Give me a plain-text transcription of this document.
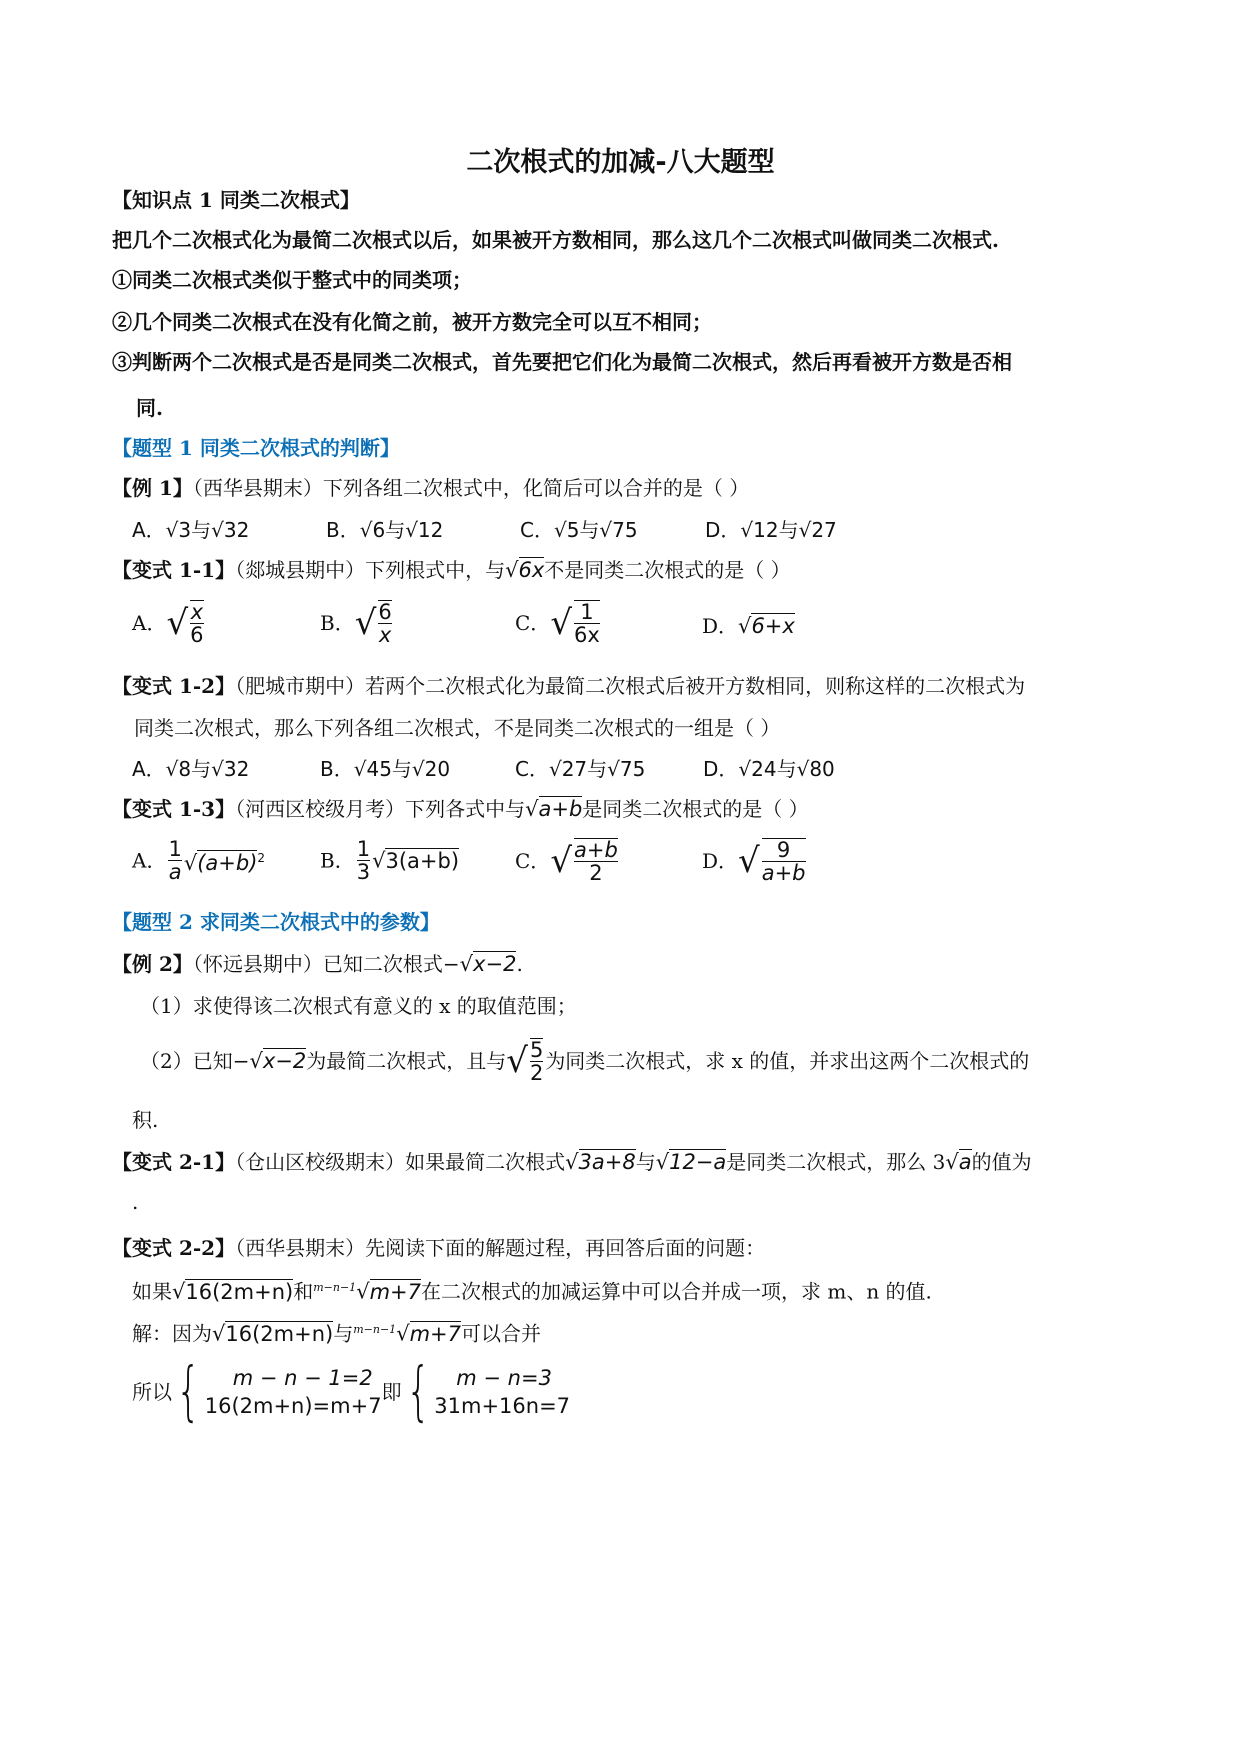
二次根式的加减-八大题型
【知识点 1 同类二次根式】
把几个二次根式化为最简二次根式以后，如果被开方数相同，那么这几个二次根式叫做同类二次根式.
①同类二次根式类似于整式中的同类项；
②几个同类二次根式在没有化简之前，被开方数完全可以互不相同；
③判断两个二次根式是否是同类二次根式，首先要把它们化为最简二次根式，然后再看被开方数是否相
同.
【题型 1 同类二次根式的判断】
【例 1】（西华县期末）下列各组二次根式中，化简后可以合并的是（ ）
A．√3与√32	B．√6与√12	C．√5与√75	D．√12与√27
【变式 1-1】（郯城县期中）下列根式中，与√6x不是同类二次根式的是（ ）
A．√ $\frac{x}{6}$	B．√ $\frac{6}{x}$	C．√ $\frac{1}{6x}$	D．√6+x
【变式 1-2】（肥城市期中）若两个二次根式化为最简二次根式后被开方数相同，则称这样的二次根式为
同类二次根式，那么下列各组二次根式，不是同类二次根式的一组是（ ）
A．√8与√32	B．√45与√20	C．√27与√75	D．√24与√80
【变式 1-3】（河西区校级月考）下列各式中与√a+b是同类二次根式的是（ ）
A． $\frac{1}{a} √(a+b)^2$	B． $\frac{1}{3} √3(a+b)$	C．√ $\frac{a+b}{2}$	D．√ $\frac{9}{a+b}$
【题型 2 求同类二次根式中的参数】
【例 2】（怀远县期中）已知二次根式−√x−2.
（1）求使得该二次根式有意义的 x 的取值范围；
（2）已知−√x−2为最简二次根式，且与√ $\frac{5}{2}$ 为同类二次根式，求 x 的值，并求出这两个二次根式的
积.
【变式 2-1】（仓山区校级期末）如果最简二次根式√3a+8与√12−a是同类二次根式，那么 3√a的值为
.
【变式 2-2】（西华县期末）先阅读下面的解题过程，再回答后面的问题：
如果√16(2m+n)和$^{m-n-1}$√m+7在二次根式的加减运算中可以合并成一项，求 m、n 的值.
解：因为√16(2m+n)与$^{m-n-1}$√m+7可以合并
所以{	m − n − 1=2
16(2m+n)=m+7
即{	m − n=3
31m+16n=7
